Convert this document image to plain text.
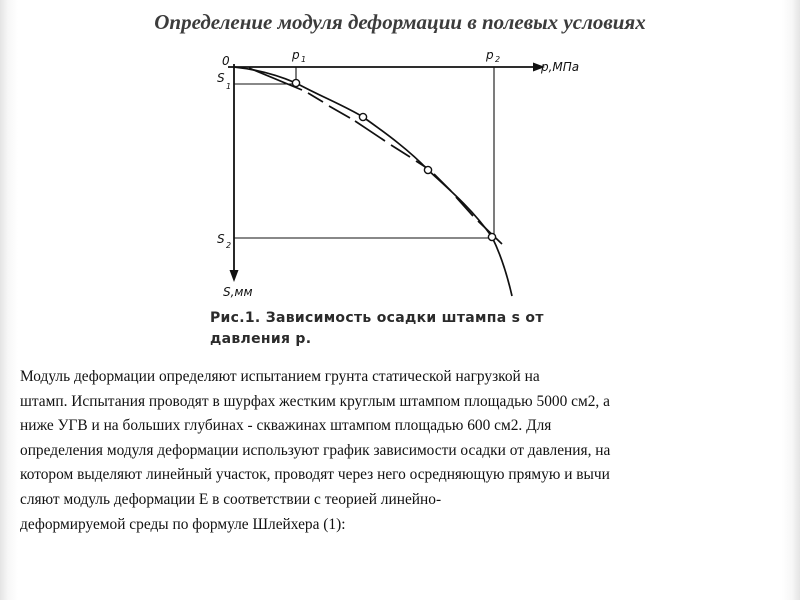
Определение модуля деформации в полевых условиях
0	p,МПа
S,мм
p 1	p 2
S
1
S 2
Рис.1. Зависимость осадки штампа s от
давления p.
Модуль деформации определяют испытанием грунта статической нагрузкой на
штамп. Испытания проводят в шурфах жестким круглым штампом площадью 5000 см2, а
ниже УГВ и на больших глубинах - скважинах штампом площадью 600 см2. Для
определения модуля деформации используют график зависимости осадки от давления, на
котором выделяют линейный участок, проводят через него осредняющую прямую и вычи
сляют модуль деформации E в соответствии с теорией линейно-
деформируемой среды по формуле Шлейхера (1):
